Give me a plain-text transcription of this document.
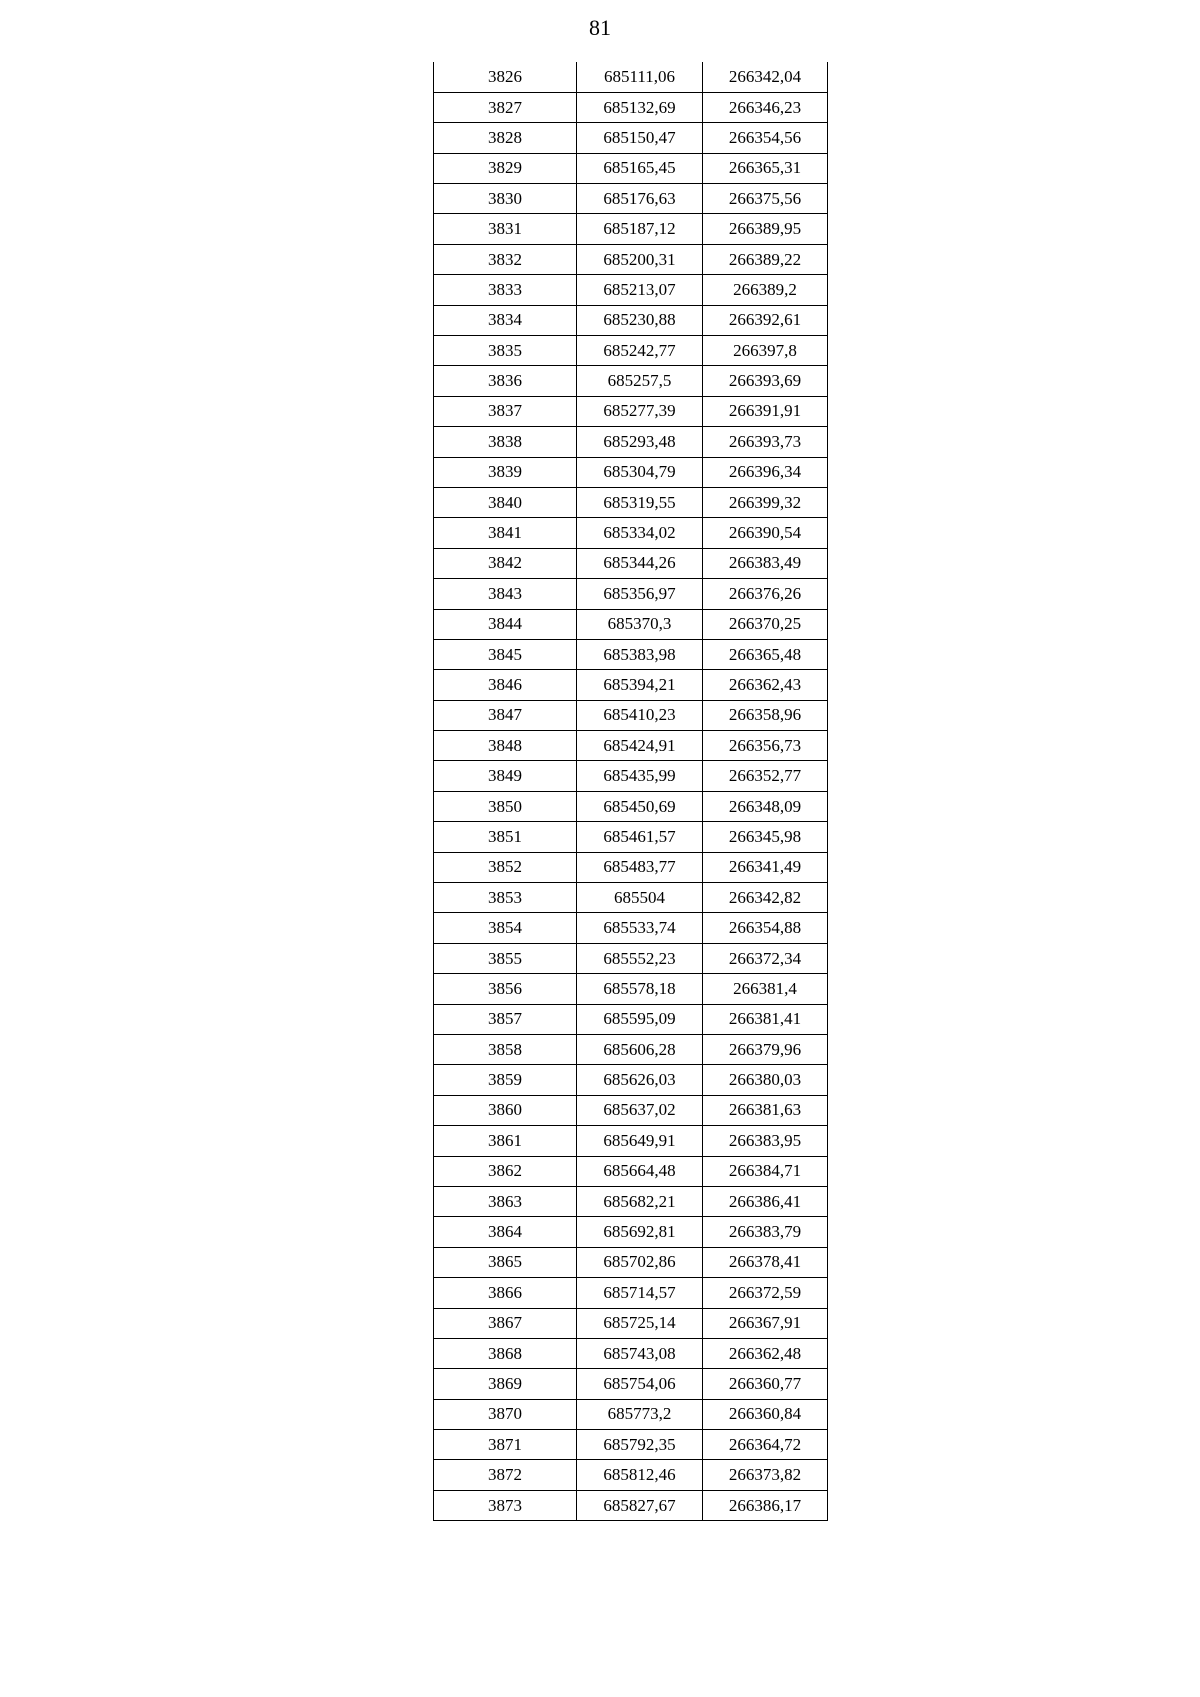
81
3826	685111,06	266342,04
3827	685132,69	266346,23
3828	685150,47	266354,56
3829	685165,45	266365,31
3830	685176,63	266375,56
3831	685187,12	266389,95
3832	685200,31	266389,22
3833	685213,07	266389,2
3834	685230,88	266392,61
3835	685242,77	266397,8
3836	685257,5	266393,69
3837	685277,39	266391,91
3838	685293,48	266393,73
3839	685304,79	266396,34
3840	685319,55	266399,32
3841	685334,02	266390,54
3842	685344,26	266383,49
3843	685356,97	266376,26
3844	685370,3	266370,25
3845	685383,98	266365,48
3846	685394,21	266362,43
3847	685410,23	266358,96
3848	685424,91	266356,73
3849	685435,99	266352,77
3850	685450,69	266348,09
3851	685461,57	266345,98
3852	685483,77	266341,49
3853	685504	266342,82
3854	685533,74	266354,88
3855	685552,23	266372,34
3856	685578,18	266381,4
3857	685595,09	266381,41
3858	685606,28	266379,96
3859	685626,03	266380,03
3860	685637,02	266381,63
3861	685649,91	266383,95
3862	685664,48	266384,71
3863	685682,21	266386,41
3864	685692,81	266383,79
3865	685702,86	266378,41
3866	685714,57	266372,59
3867	685725,14	266367,91
3868	685743,08	266362,48
3869	685754,06	266360,77
3870	685773,2	266360,84
3871	685792,35	266364,72
3872	685812,46	266373,82
3873	685827,67	266386,17
